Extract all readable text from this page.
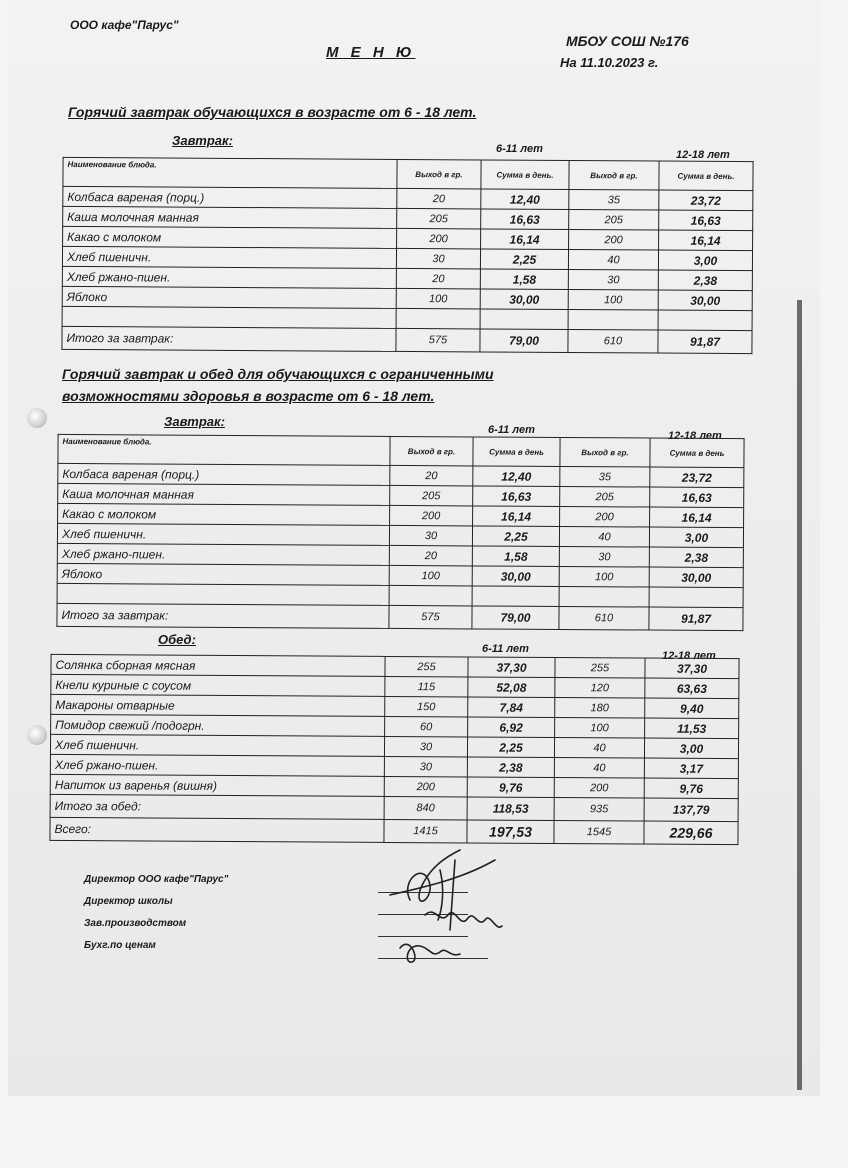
ООО кафе"Парус"
М Е Н Ю
МБОУ СОШ №176
На 11.10.2023 г.
Горячий завтрак обучающихся в возрасте от 6 - 18 лет.
Завтрак:
6-11 лет	12-18 лет
Наименование блюда.	Выход в гр.	Сумма в день.	Выход в гр.	Сумма в день.
Колбаса вареная (порц.)	20	12,40	35	23,72
Каша молочная манная	205	16,63	205	16,63
Какао с молоком	200	16,14	200	16,14
Хлеб пшеничн.	30	2,25	40	3,00
Хлеб ржано-пшен.	20	1,58	30	2,38
Яблоко	100	30,00	100	30,00

Итого за завтрак:	575	79,00	610	91,87
Горячий завтрак и обед для обучающихся с ограниченными
возможностями здоровья в возрасте от 6 - 18 лет.
Завтрак:
6-11 лет	12-18 лет
Наименование блюда.	Выход в гр.	Сумма в день	Выход в гр.	Сумма в день
Колбаса вареная (порц.)	20	12,40	35	23,72
Каша молочная манная	205	16,63	205	16,63
Какао с молоком	200	16,14	200	16,14
Хлеб пшеничн.	30	2,25	40	3,00
Хлеб ржано-пшен.	20	1,58	30	2,38
Яблоко	100	30,00	100	30,00

Итого за завтрак:	575	79,00	610	91,87
Обед:
6-11 лет
12-18 лет
Солянка сборная мясная	255	37,30	255	37,30
Кнели куриные с соусом	115	52,08	120	63,63
Макароны отварные	150	7,84	180	9,40
Помидор свежий /подогрн.	60	6,92	100	11,53
Хлеб пшеничн.	30	2,25	40	3,00
Хлеб ржано-пшен.	30	2,38	40	3,17
Напиток из варенья (вишня)	200	9,76	200	9,76
Итого за обед:	840	118,53	935	137,79
Всего:	1415	197,53	1545	229,66
Директор ООО кафе"Парус"
Директор школы
Зав.производством
Бухг.по ценам
